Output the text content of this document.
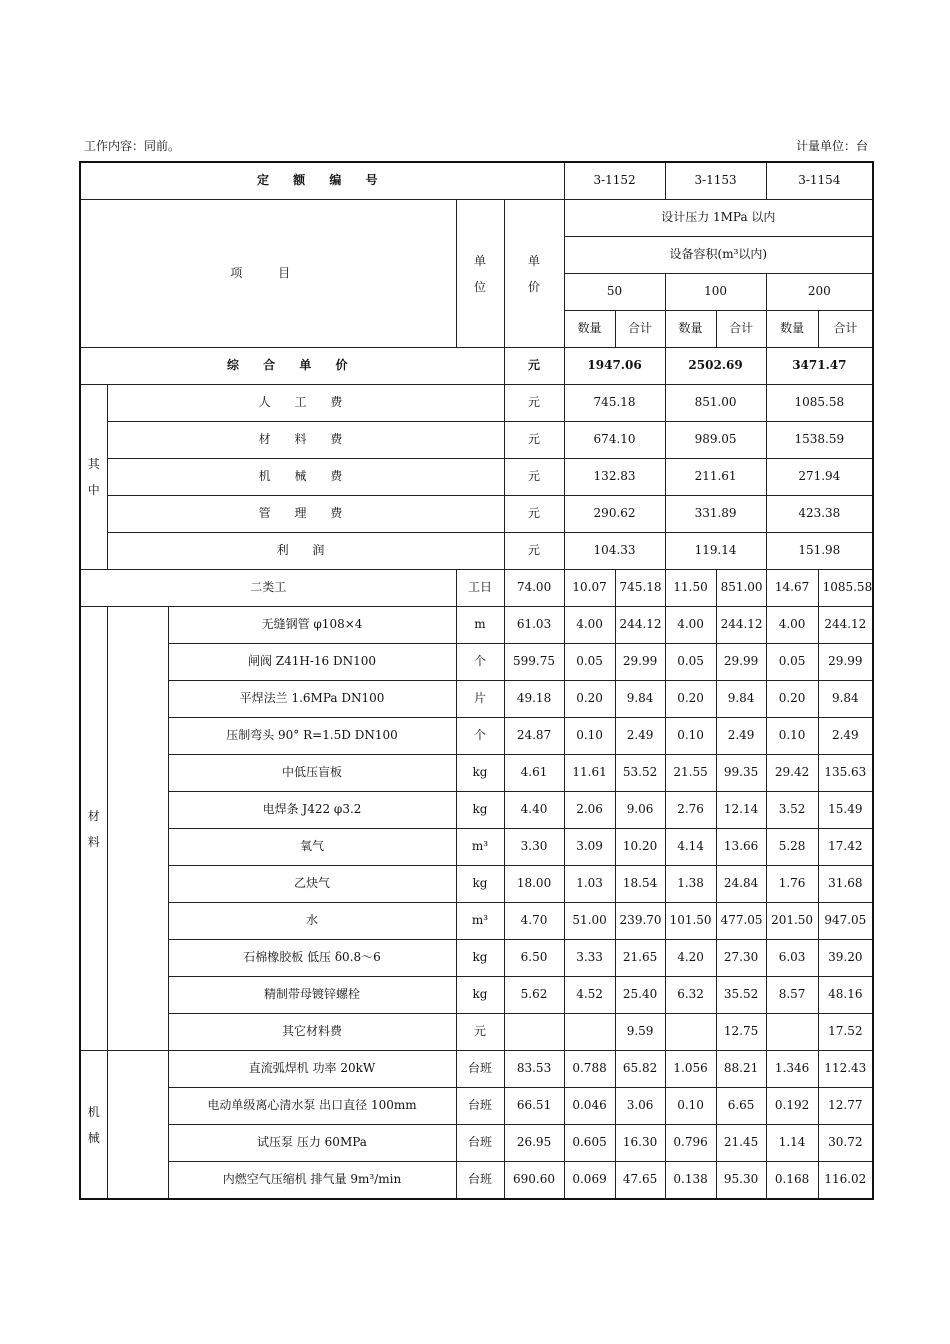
工作内容：同前。	计量单位：台
定 额 编 号					3-1152		3-1153		3-1154	
项 目			单位	单价	设计压力 1MPa 以内					
					设备容积(m³以内)					
					50		100		200	
					数量	合计	数量	合计	数量	合计
综 合 单 价				元	1947.06		2502.69		3471.47	
其中	人 工 费			元	745.18		851.00		1085.58	
	材 料 费			元	674.10		989.05		1538.59	
	机 械 费			元	132.83		211.61		271.94	
	管 理 费			元	290.62		331.89		423.38	
	利 润			元	104.33		119.14		151.98	
二类工			工日	74.00	10.07	745.18	11.50	851.00	14.67	1085.58
材料		无缝钢管 φ108×4	m	61.03	4.00	244.12	4.00	244.12	4.00	244.12
		闸阀 Z41H-16 DN100	个	599.75	0.05	29.99	0.05	29.99	0.05	29.99
		平焊法兰 1.6MPa DN100	片	49.18	0.20	9.84	0.20	9.84	0.20	9.84
		压制弯头 90° R=1.5D DN100	个	24.87	0.10	2.49	0.10	2.49	0.10	2.49
		中低压盲板	kg	4.61	11.61	53.52	21.55	99.35	29.42	135.63
		电焊条 J422 φ3.2	kg	4.40	2.06	9.06	2.76	12.14	3.52	15.49
		氧气	m³	3.30	3.09	10.20	4.14	13.66	5.28	17.42
		乙炔气	kg	18.00	1.03	18.54	1.38	24.84	1.76	31.68
		水	m³	4.70	51.00	239.70	101.50	477.05	201.50	947.05
		石棉橡胶板 低压 δ0.8～6	kg	6.50	3.33	21.65	4.20	27.30	6.03	39.20
		精制带母镀锌螺栓	kg	5.62	4.52	25.40	6.32	35.52	8.57	48.16
		其它材料费	元			9.59		12.75		17.52
机械		直流弧焊机 功率 20kW	台班	83.53	0.788	65.82	1.056	88.21	1.346	112.43
		电动单级离心清水泵 出口直径 100mm	台班	66.51	0.046	3.06	0.10	6.65	0.192	12.77
		试压泵 压力 60MPa	台班	26.95	0.605	16.30	0.796	21.45	1.14	30.72
		内燃空气压缩机 排气量 9m³/min	台班	690.60	0.069	47.65	0.138	95.30	0.168	116.02
